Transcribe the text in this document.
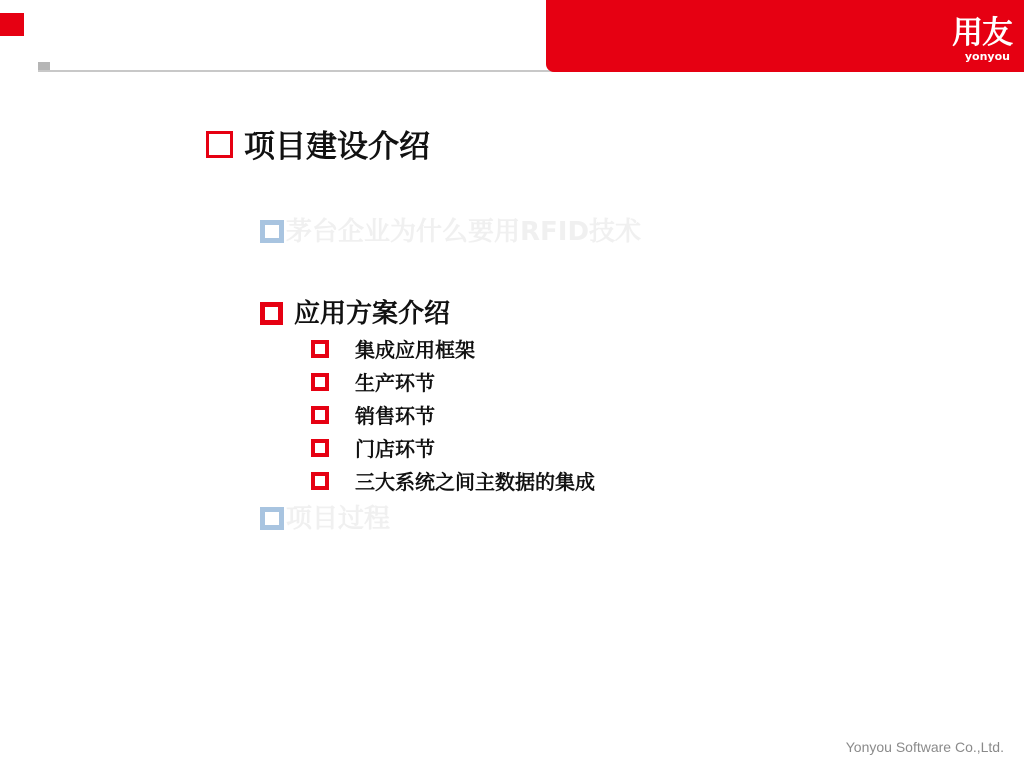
用友
yonyou
项目建设介绍
茅台企业为什么要用RFID技术
应用方案介绍
集成应用框架
生产环节
销售环节
门店环节
三大系统之间主数据的集成
项目过程
Yonyou Software Co.,Ltd.
